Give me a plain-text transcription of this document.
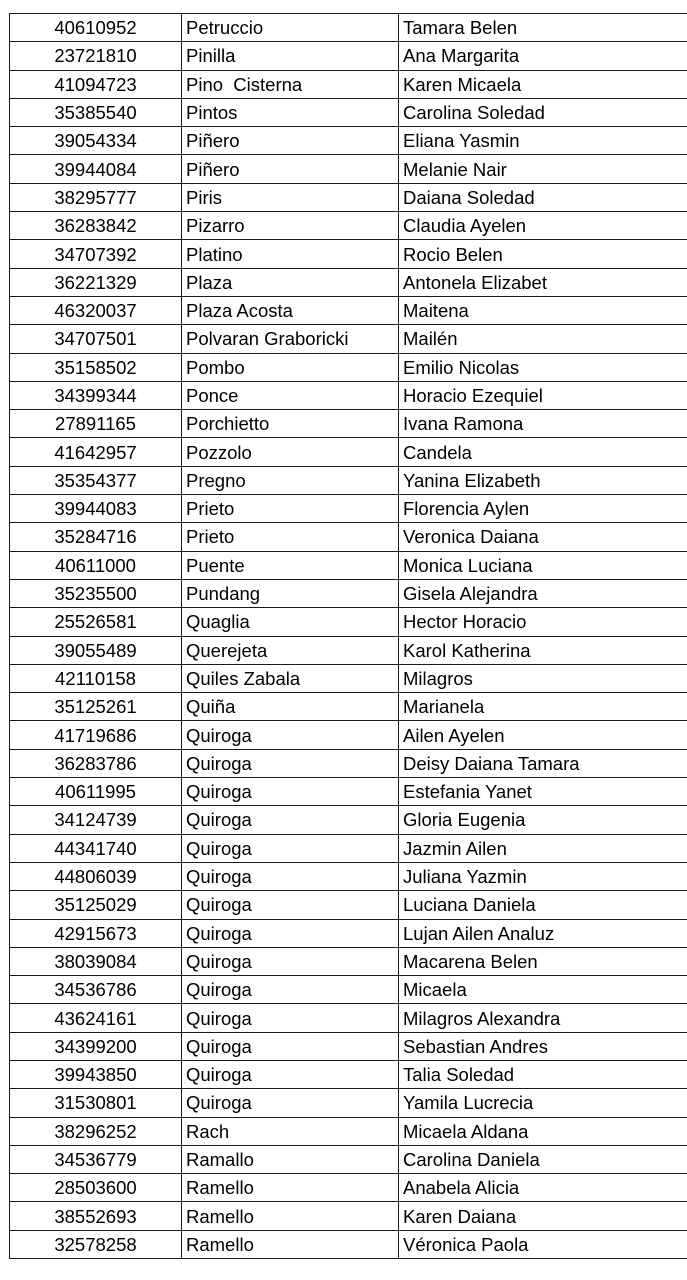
40610952	Petruccio	Tamara Belen
23721810	Pinilla	Ana Margarita
41094723	Pino  Cisterna	Karen Micaela
35385540	Pintos	Carolina Soledad
39054334	Piñero	Eliana Yasmin
39944084	Piñero	Melanie Nair
38295777	Piris	Daiana Soledad
36283842	Pizarro	Claudia Ayelen
34707392	Platino	Rocio Belen
36221329	Plaza	Antonela Elizabet
46320037	Plaza Acosta	Maitena
34707501	Polvaran Graboricki	Mailén
35158502	Pombo	Emilio Nicolas
34399344	Ponce	Horacio Ezequiel
27891165	Porchietto	Ivana Ramona
41642957	Pozzolo	Candela
35354377	Pregno	Yanina Elizabeth
39944083	Prieto	Florencia Aylen
35284716	Prieto	Veronica Daiana
40611000	Puente	Monica Luciana
35235500	Pundang	Gisela Alejandra
25526581	Quaglia	Hector Horacio
39055489	Querejeta	Karol Katherina
42110158	Quiles Zabala	Milagros
35125261	Quiña	Marianela
41719686	Quiroga	Ailen Ayelen
36283786	Quiroga	Deisy Daiana Tamara
40611995	Quiroga	Estefania Yanet
34124739	Quiroga	Gloria Eugenia
44341740	Quiroga	Jazmin Ailen
44806039	Quiroga	Juliana Yazmin
35125029	Quiroga	Luciana Daniela
42915673	Quiroga	Lujan Ailen Analuz
38039084	Quiroga	Macarena Belen
34536786	Quiroga	Micaela
43624161	Quiroga	Milagros Alexandra
34399200	Quiroga	Sebastian Andres
39943850	Quiroga	Talia Soledad
31530801	Quiroga	Yamila Lucrecia
38296252	Rach	Micaela Aldana
34536779	Ramallo	Carolina Daniela
28503600	Ramello	Anabela Alicia
38552693	Ramello	Karen Daiana
32578258	Ramello	Véronica Paola
